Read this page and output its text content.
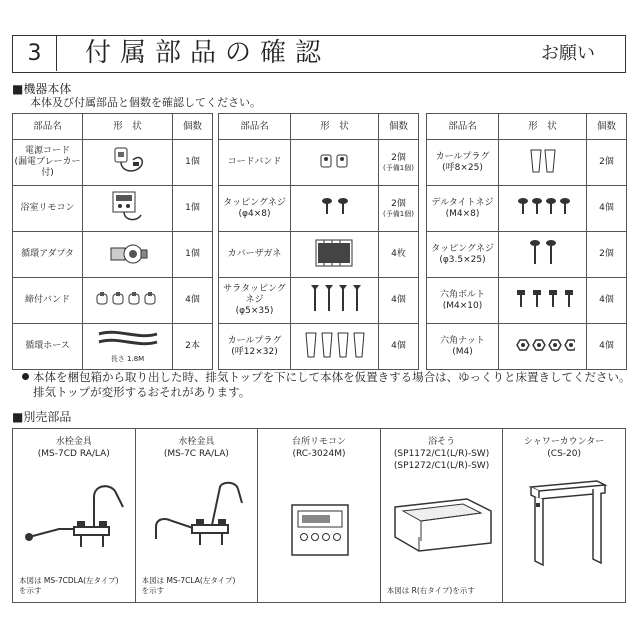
3	付属部品の確認	お願い
■機器本体
本体及び付属部品と個数を確認してください。
部品名	形　状	個数
電源コード
(漏電ブレーカー付)		1個
浴室リモコン		1個
循環アダプタ		1個
締付バンド		4個
循環ホース	長さ 1.8M	2本
部品名	形　状	個数
コードバンド		2個
(予備1個)

タッピングネジ
(φ4×8)		2個
(予備1個)

カバーザガネ		4枚
サラタッピング
ネジ
(φ5×35)		4個
カールプラグ
(呼12×32)		4個
部品名	形　状	個数
カールプラグ
(呼8×25)		2個
デルタイトネジ
(M4×8)		4個
タッピングネジ
(φ3.5×25)		2個
六角ボルト
(M4×10)		4個
六角ナット
(M4)		4個
本体を梱包箱から取り出した時、排気トップを下にして本体を仮置きする場合は、ゆっくりと床置きしてください。
排気トップが変形するおそれがあります。
■別売部品
水栓金具
(MS-7CD RA/LA)
本図は MS-7CDLA(左タイプ)
を示す
水栓金具
(MS-7C RA/LA)
本図は MS-7CLA(左タイプ)
を示す
台所リモコン
(RC-3024M)
浴そう
(SP1172/C1(L/R)-SW)
(SP1272/C1(L/R)-SW)
本図は R(右タイプ)を示す
シャワーカウンター
(CS-20)
